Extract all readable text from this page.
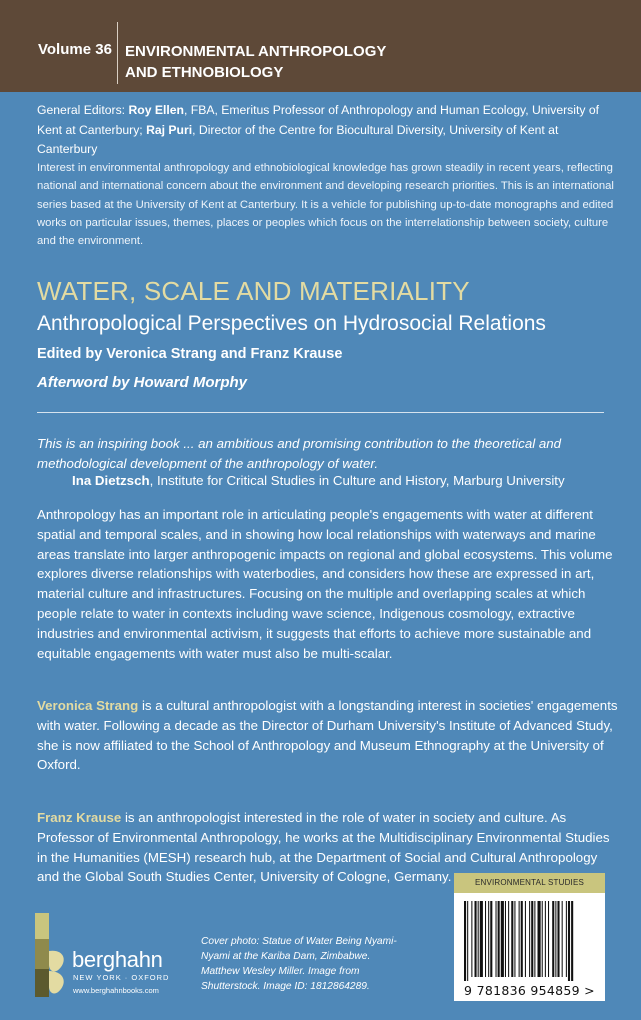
Volume 36 ENVIRONMENTAL ANTHROPOLOGY
AND ETHNOBIOLOGY
General Editors: Roy Ellen, FBA, Emeritus Professor of Anthropology and Human Ecology, University of Kent at Canterbury; Raj Puri, Director of the Centre for Biocultural Diversity, University of Kent at Canterbury
Interest in environmental anthropology and ethnobiological knowledge has grown steadily in recent years, reflecting national and international concern about the environment and developing research priorities. This is an international series based at the University of Kent at Canterbury. It is a vehicle for publishing up-to-date monographs and edited works on particular issues, themes, places or peoples which focus on the interrelationship between society, culture and the environment.
WATER, SCALE AND MATERIALITY
Anthropological Perspectives on Hydrosocial Relations
Edited by Veronica Strang and Franz Krause
Afterword by Howard Morphy
This is an inspiring book ... an ambitious and promising contribution to the theoretical and methodological development of the anthropology of water.
Ina Dietzsch, Institute for Critical Studies in Culture and History, Marburg University
Anthropology has an important role in articulating people's engagements with water at different spatial and temporal scales, and in showing how local relationships with waterways and marine areas translate into larger anthropogenic impacts on regional and global ecosystems. This volume explores diverse relationships with waterbodies, and considers how these are expressed in art, material culture and infrastructures. Focusing on the multiple and overlapping scales at which people relate to water in contexts including wave science, Indigenous cosmology, extractive industries and environmental activism, it suggests that efforts to achieve more sustainable and equitable engagements with water must also be multi-scalar.
Veronica Strang is a cultural anthropologist with a longstanding interest in societies' engagements with water. Following a decade as the Director of Durham University's Institute of Advanced Study, she is now affiliated to the School of Anthropology and Museum Ethnography at the University of Oxford.
Franz Krause is an anthropologist interested in the role of water in society and culture. As Professor of Environmental Anthropology, he works at the Multidisciplinary Environmental Studies in the Humanities (MESH) research hub, at the Department of Social and Cultural Anthropology and the Global South Studies Center, University of Cologne, Germany.
berghahn
NEW YORK · OXFORD
www.berghahnbooks.com
Cover photo: Statue of Water Being Nyami-Nyami at the Kariba Dam, Zimbabwe. Matthew Wesley Miller. Image from Shutterstock. Image ID: 1812864289.
ENVIRONMENTAL STUDIES
9 781836 954859 >
